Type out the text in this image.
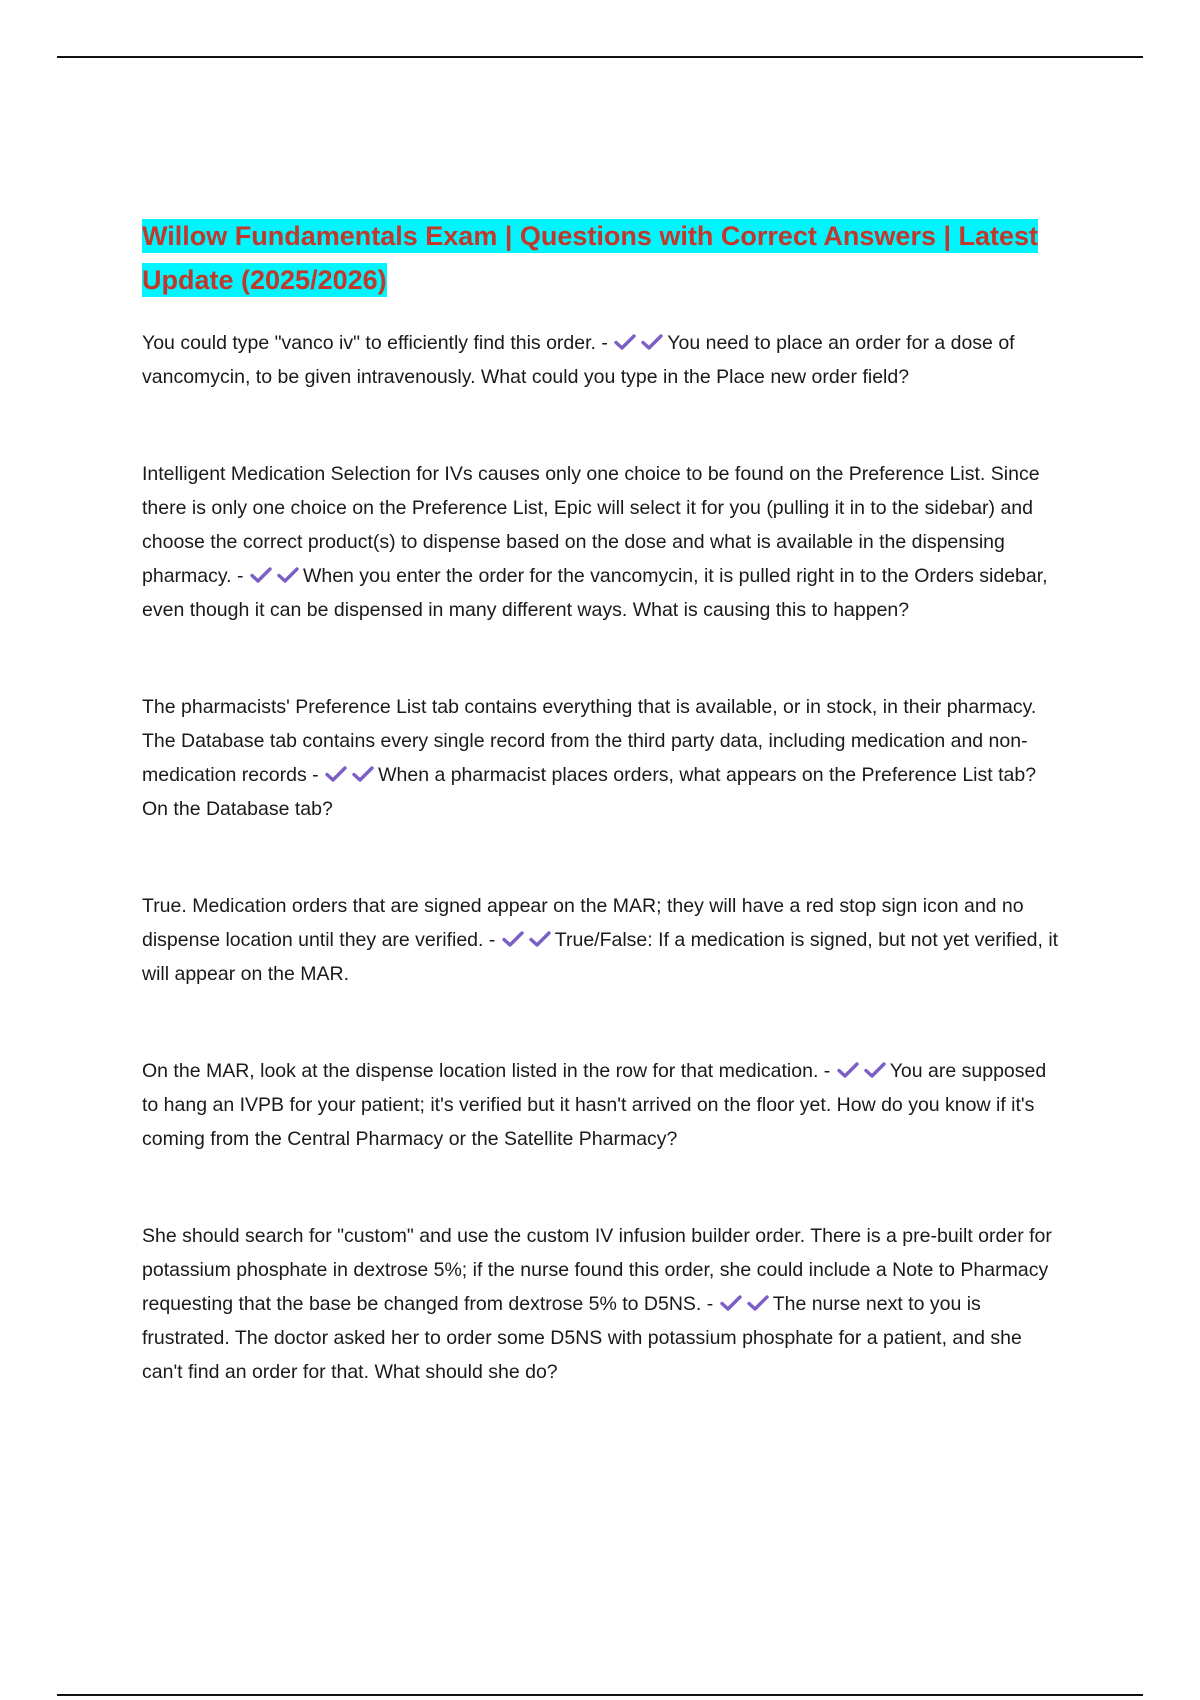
Willow Fundamentals Exam | Questions with Correct Answers | Latest Update (2025/2026)

You could type "vanco iv" to efficiently find this order. -	You need to place an order for a dose of vancomycin, to be given intravenously. What could you type in the Place new order field?

Intelligent Medication Selection for IVs causes only one choice to be found on the Preference List. Since there is only one choice on the Preference List, Epic will select it for you (pulling it in to the sidebar) and choose the correct product(s) to dispense based on the dose and what is available in the dispensing pharmacy. -	When you enter the order for the vancomycin, it is pulled right in to the Orders sidebar, even though it can be dispensed in many different ways. What is causing this to happen?

The pharmacists' Preference List tab contains everything that is available, or in stock, in their pharmacy. The Database tab contains every single record from the third party data, including medication and non-medication records -	When a pharmacist places orders, what appears on the Preference List tab? On the Database tab?

True. Medication orders that are signed appear on the MAR; they will have a red stop sign icon and no dispense location until they are verified. -	True/False: If a medication is signed, but not yet verified, it will appear on the MAR.

On the MAR, look at the dispense location listed in the row for that medication. -	You are supposed to hang an IVPB for your patient; it's verified but it hasn't arrived on the floor yet. How do you know if it's coming from the Central Pharmacy or the Satellite Pharmacy?

She should search for "custom" and use the custom IV infusion builder order. There is a pre-built order for potassium phosphate in dextrose 5%; if the nurse found this order, she could include a Note to Pharmacy requesting that the base be changed from dextrose 5% to D5NS. -	The nurse next to you is frustrated. The doctor asked her to order some D5NS with potassium phosphate for a patient, and she can't find an order for that. What should she do?
